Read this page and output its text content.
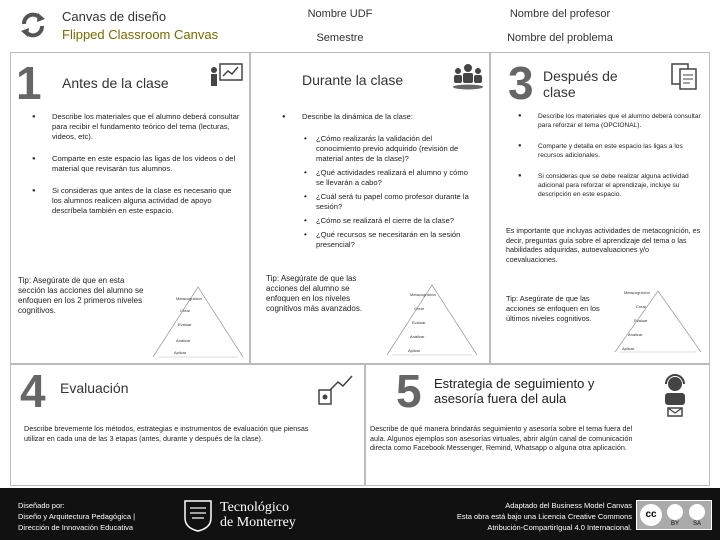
Canvas de diseño
Flipped Classroom Canvas
Nombre UDF	Nombre del profesor
Semestre	Nombre del problema
1 Antes de la clase
● Describe los materiales que el alumno deberá consultar para recibir el fundamento teórico del tema (lecturas, videos, etc).
● Comparte en este espacio las ligas de los videos o del material que revisarán tus alumnos.
● Si consideras que antes de la clase es necesario que los alumnos realicen alguna actividad de apoyo descríbela también en este espacio.
Tip: Asegúrate de que en esta sección las acciones del alumno se enfoquen en los 2 primeros niveles cognitivos.
Metacognición
Crear
Evaluar
Analizar
Aplicar
Durante la clase
● Describe la dinámica de la clase:
• ¿Cómo realizarás la validación del conocimiento previo adquirido (revisión de material antes de la clase)?
• ¿Qué actividades realizará el alumno y cómo se llevarán a cabo?
• ¿Cuál será tu papel como profesor durante la sesión?
• ¿Cómo se realizará el cierre de la clase?
• ¿Qué recursos se necesitarán en la sesión presencial?
Tip: Asegúrate de que las acciones del alumno se enfoquen en los niveles cognitivos más avanzados.
Metacognición
Crear
Evaluar
Analizar
Aplicar
3 Después de clase
● Describe los materiales que el alumno deberá consultar para reforzar el tema (OPCIONAL).
● Comparte y detalla en este espacio las ligas a los recursos adicionales.
● Si consideras que se debe realizar alguna actividad adicional para reforzar el aprendizaje, incluye su descripción en este espacio.
Es importante que incluyas actividades de metacognición, es decir, preguntas guía sobre el aprendizaje del tema o las habilidades adquiridas, autoevaluaciones y/o coevaluaciones.
Tip: Asegúrate de que las acciones se enfoquen en los últimos niveles cognitivos.
Metacognición
Crear
Evaluar
Analizar
Aplicar
4 Evaluación
Describe brevemente los métodos, estrategias e instrumentos de evaluación que piensas utilizar en cada una de las 3 etapas (antes, durante y después de la clase).
5 Estrategia de seguimiento y asesoría fuera del aula
Describe de qué manera brindarás seguimiento y asesoría sobre el tema fuera del aula. Algunos ejemplos son asesorías virtuales, abrir algún canal de comunicación directa como Facebook Messenger, Remind, Whatsapp o alguna otra aplicación.
Diseñado por:
Diseño y Arquitectura Pedagógica |
Dirección de Innovación Educativa
Tecnológico
de Monterrey
Adaptado del Business Model Canvas
Esta obra está bajo una Licencia Creative Commons
Atribución-CompartirIgual 4.0 Internacional.
cc
BY	SA
